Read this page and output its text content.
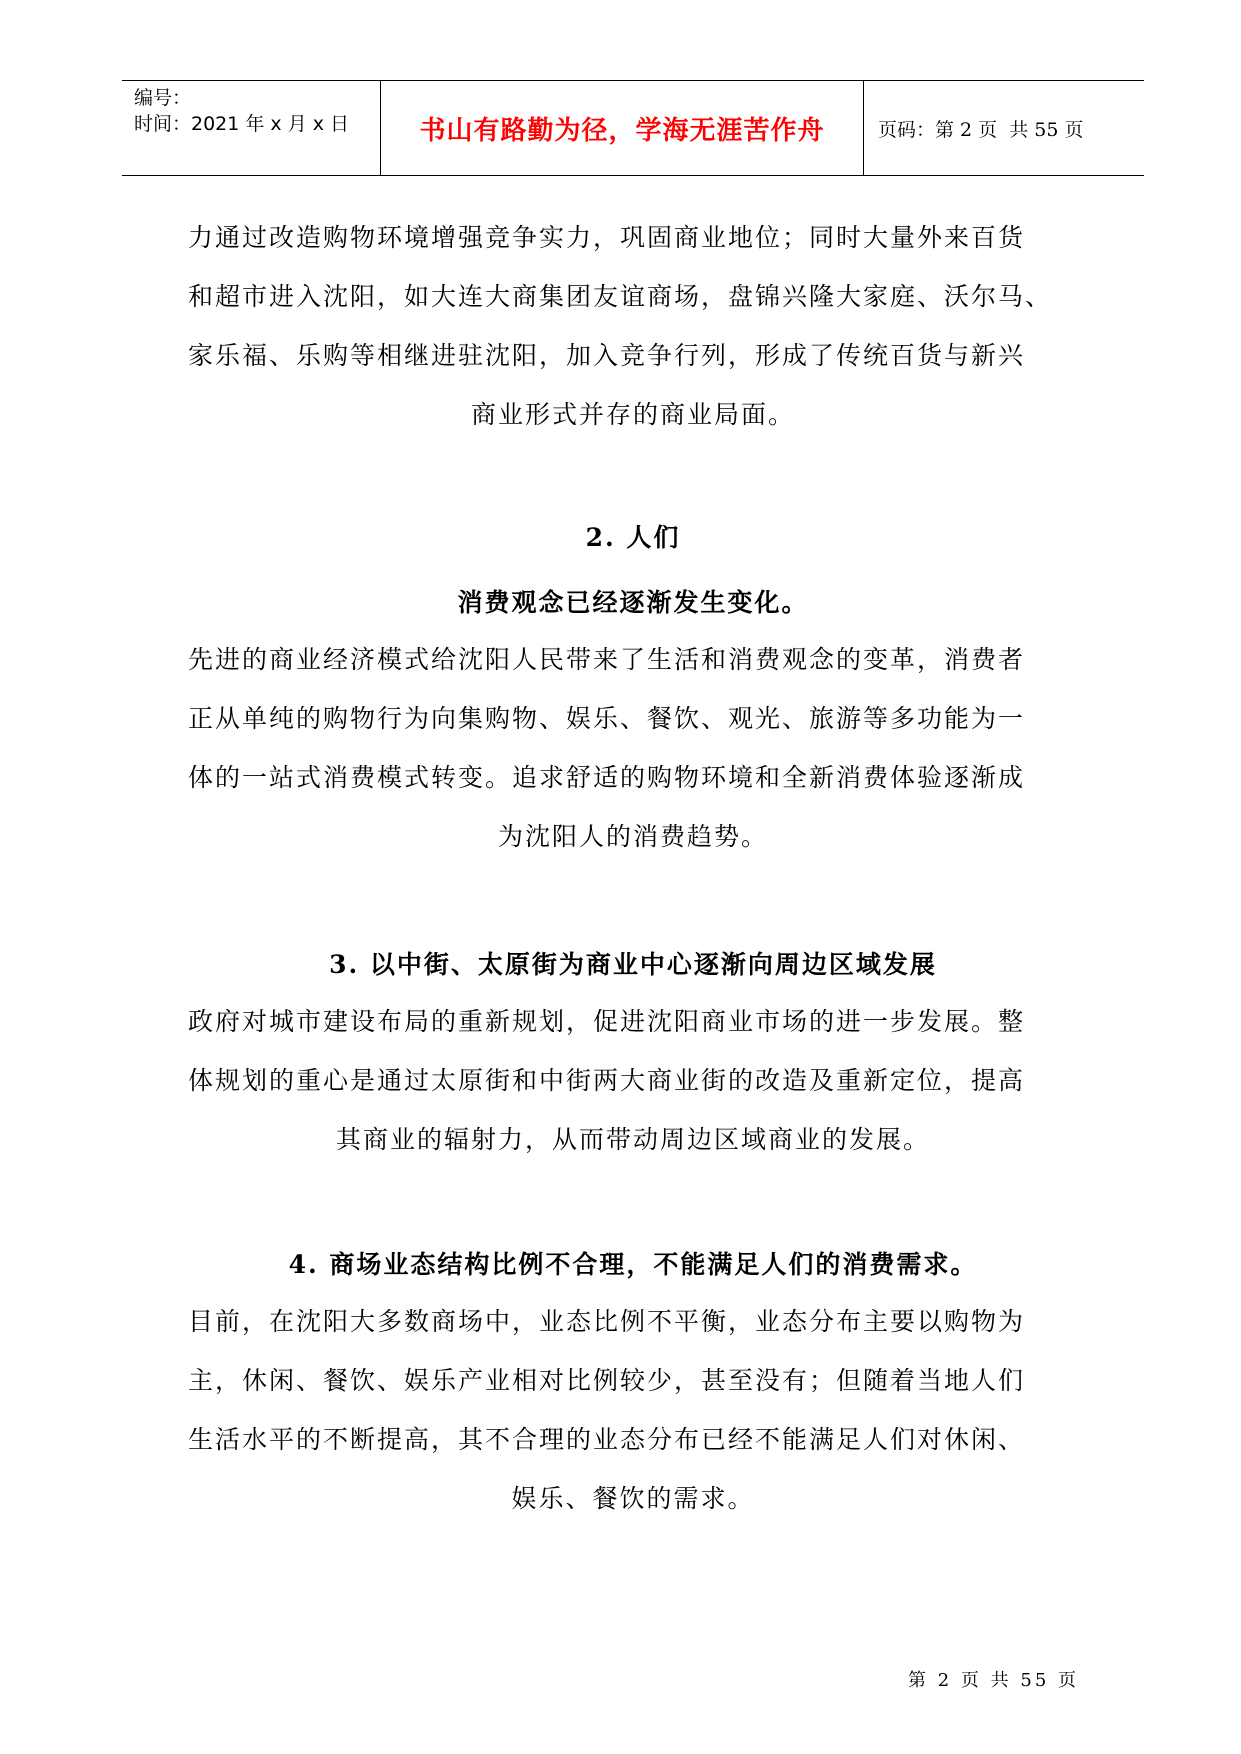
编号：
时间：2021 年 x 月 x 日	书山有路勤为径，学海无涯苦作舟	页码：第 2 页  共 55 页
力通过改造购物环境增强竞争实力，巩固商业地位；同时大量外来百货
和超市进入沈阳，如大连大商集团友谊商场，盘锦兴隆大家庭、沃尔马、
家乐福、乐购等相继进驻沈阳，加入竞争行列，形成了传统百货与新兴
商业形式并存的商业局面。
2. 人们
消费观念已经逐渐发生变化。
先进的商业经济模式给沈阳人民带来了生活和消费观念的变革，消费者
正从单纯的购物行为向集购物、娱乐、餐饮、观光、旅游等多功能为一
体的一站式消费模式转变。追求舒适的购物环境和全新消费体验逐渐成
为沈阳人的消费趋势。
3. 以中街、太原街为商业中心逐渐向周边区域发展
政府对城市建设布局的重新规划，促进沈阳商业市场的进一步发展。整
体规划的重心是通过太原街和中街两大商业街的改造及重新定位，提高
其商业的辐射力，从而带动周边区域商业的发展。
4. 商场业态结构比例不合理，不能满足人们的消费需求。
目前，在沈阳大多数商场中，业态比例不平衡，业态分布主要以购物为
主，休闲、餐饮、娱乐产业相对比例较少，甚至没有；但随着当地人们
生活水平的不断提高，其不合理的业态分布已经不能满足人们对休闲、
娱乐、餐饮的需求。
第 2 页 共 55 页
